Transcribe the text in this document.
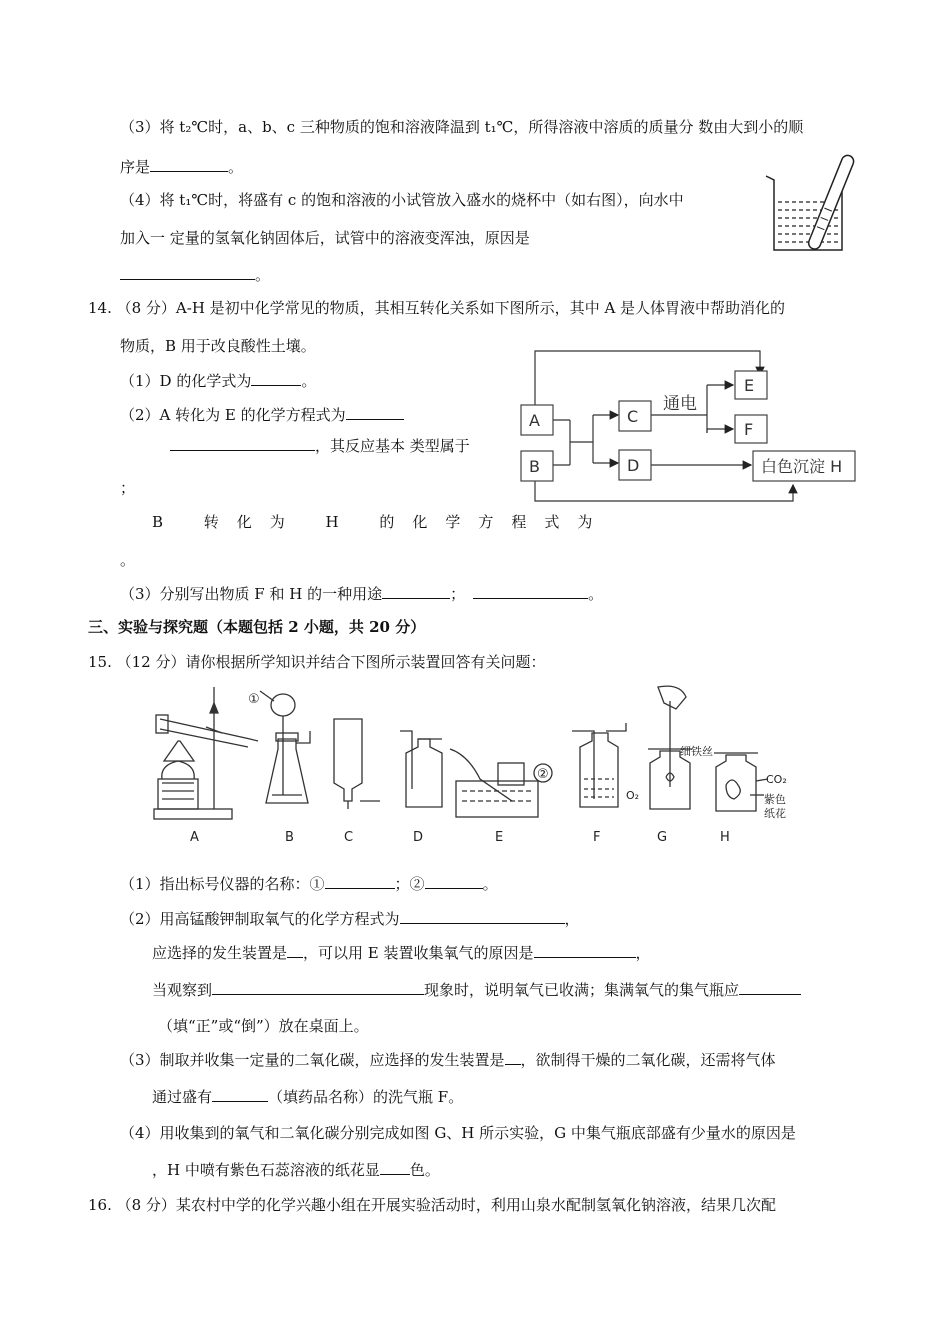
（3）将 t₂℃时，a、b、c 三种物质的饱和溶液降温到 t₁℃，所得溶液中溶质的质量分 数由大到小的顺
序是	。
（4）将 t₁℃时，将盛有 c 的饱和溶液的小试管放入盛水的烧杯中（如右图），向水中
加入一 定量的氢氧化钠固体后，试管中的溶液变浑浊，原因是
。
14. （8 分）A-H 是初中化学常见的物质，其相互转化关系如下图所示，其中 A 是人体胃液中帮助消化的
物质，B 用于改良酸性土壤。
（1）D 的化学式为	。
（2）A 转化为 E 的化学方程式为
，其反应基本 类型属于
；
B 转化为 H 的化学方程式为
。
（3）分别写出物质 F 和 H 的一种用途	；	。
A
B
C
D
E
F
白色沉淀 H
通电
三、实验与探究题（本题包括 2 小题，共 20 分）
15. （12 分）请你根据所学知识并结合下图所示装置回答有关问题：
①
②
细铁丝
O₂
CO₂
紫色
纸花
A	B	C	D	E	F	G	H
（1）指出标号仪器的名称：①	；②	。
（2）用高锰酸钾制取氧气的化学方程式为	，
应选择的发生装置是 ，可以用 E 装置收集氧气的原因是	，
当观察到	现象时，说明氧气已收满；集满氧气的集气瓶应
（填“正”或“倒”）放在桌面上。
（3）制取并收集一定量的二氧化碳，应选择的发生装置是 ，欲制得干燥的二氧化碳，还需将气体
通过盛有	（填药品名称）的洗气瓶 F。
（4）用收集到的氧气和二氧化碳分别完成如图 G、H 所示实验，G 中集气瓶底部盛有少量水的原因是
，H 中喷有紫色石蕊溶液的纸花显 色。
16. （8 分）某农村中学的化学兴趣小组在开展实验活动时，利用山泉水配制氢氧化钠溶液，结果几次配
